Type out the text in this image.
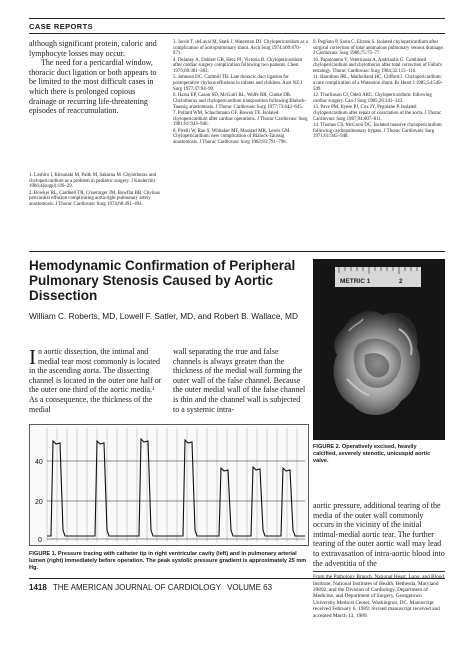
CASE REPORTS

although significant protein, caloric and lymphocyte losses may occur.

The need for a pericardial window, thoracic duct ligation or both appears to be limited to the most difficult cases in which there is prolonged copious drainage or recurring life-threatening episodes of reaccumulation.

1. Loshiro I, Kitsunaki M, Paith M, Sakuma M. Chylothorax and chylopericardium as a problem in pediatric surgery. J Kinderchir 1966;4(suppl):1f6–29.
2. Bowker RL, Cardnell TR, Crisemiger JM, Bowflat BB. Chylous pericardial effusion complicating aorta-right pulmonary artery anastomosis. J Thorac Cardiovasc Surg 1974;68:491–494.
3. Jacob T, deLaval M, Stark J, Waterston DJ. Chylopericardium as a complication of aortopulmonary shunt. Arch Surg 1974;109:870–871.
4. Delaney A, Dahlert GB, Herz PJ, Victoria B. Chylopericardium after cardiac surgery complication following two patients. Chest 1976;69:381–383.
5. Johnson DC, Cartmill TB. Late thoracic duct ligation for postoperative chylous effusions in infants and children. Aust NZ J Surg 1977;47:94–99.
6. Harsa EP, Cason SD, McGuirl RL, Wolfe RR, Clarke DR. Chylothorax and chylopericardium transposition following Blalock-Taussig anastomosis. J Thorac Cardiovasc Surg 1977;73:642–645.
7. Pollard WM, Schuchmann GF, Bowen TE. Isolated chylopericardium after cardiac operations. J Thorac Cardiovasc Surg 1981;81:943–946.
8. Pirelli W, Rao S, Whitaker MF, Mosstad MK, Lewis GM. Chylopericardium: new complication of Blalock-Taussig anastomosis. J Thorac Cardiovasc Surg 1982;83:791–798.
9. Pegliato P, Sarin C, Eltrani S. Isolated chylopericardium after surgical correction of total anomalous pulmonary venous drainage. J Cardiovasc Surg 1986;75:75–77.
10. Papaioannu V, Veterinasia A, Andrianlis G. Combined chylopericardium and chylothorax after total correction of Fallot's tetralogy. Thorac Cardiovasc Surg 1984;32:115–116.
11. Hamilton JRL, Mulholland HC, Clifford J. Chylopericardium: a rare complication of a Waterston shunt. Br Heart J 1985;54:549–549.
12. Thurlinson CI, Odell ARC. Chylopericardium: following cardiac surgery. Can J Surg 1985;28:341–343.
13. Pave PM, Ilyese PJ, Cox JY, Pegulahe P. Isolated chylopericardium after repair of coarctation of the aorta. J Thorac Cardiovasc Surg 1987;94:807–811.
14. Thomas CS, McGoon DC. Isolated massive chylopericardium following cardiopulmonary bypass. J Thorac Cardiovasc Surg 1971;61:945–948.
METRIC 1	2

FIGURE 2. Operatively excised, heavily calcified, severely stenotic, unicuspid aortic valve.

Hemodynamic Confirmation of Peripheral Pulmonary Stenosis Caused by Aortic Dissection

William C. Roberts, MD, Lowell F. Satler, MD, and Robert B. Wallace, MD

In aortic dissection, the intimal and medial tear most commonly is located in the ascending aorta. The dissecting channel is located in the outer one half or the outer one third of the aortic media.¹ As a consequence, the thickness of the medial

wall separating the true and false channels is always greater than the thickness of the medial wall forming the outer wall of the false channel. Because the outer medial wall of the false channel is thin and the channel wall is subjected to a systemic intra-

40
20
0

FIGURE 1. Pressure tracing with catheter tip in right ventricular cavity (left) and in pulmonary arterial lumen (right) immediately before operation. The peak systolic pressure gradient is approximately 25 mm Hg.

aortic pressure, additional tearing of the media of the outer wall commonly occurs in the vicinity of the initial intimal-medial aortic tear. The further tearing of the outer aortic wall may lead to extravasation of intra-aortic blood into the adventitia of the

Institute, National Institutes of Health, Bethesda, Maryland 20892, and the Division of Cardiology, Department of Medicine, and Department of Surgery, Georgetown University Medical Center, Washington, DC. Manuscript received February 6, 1989; revised manuscript received and accepted March 13, 1989.

1418 THE AMERICAN JOURNAL OF CARDIOLOGY VOLUME 63
